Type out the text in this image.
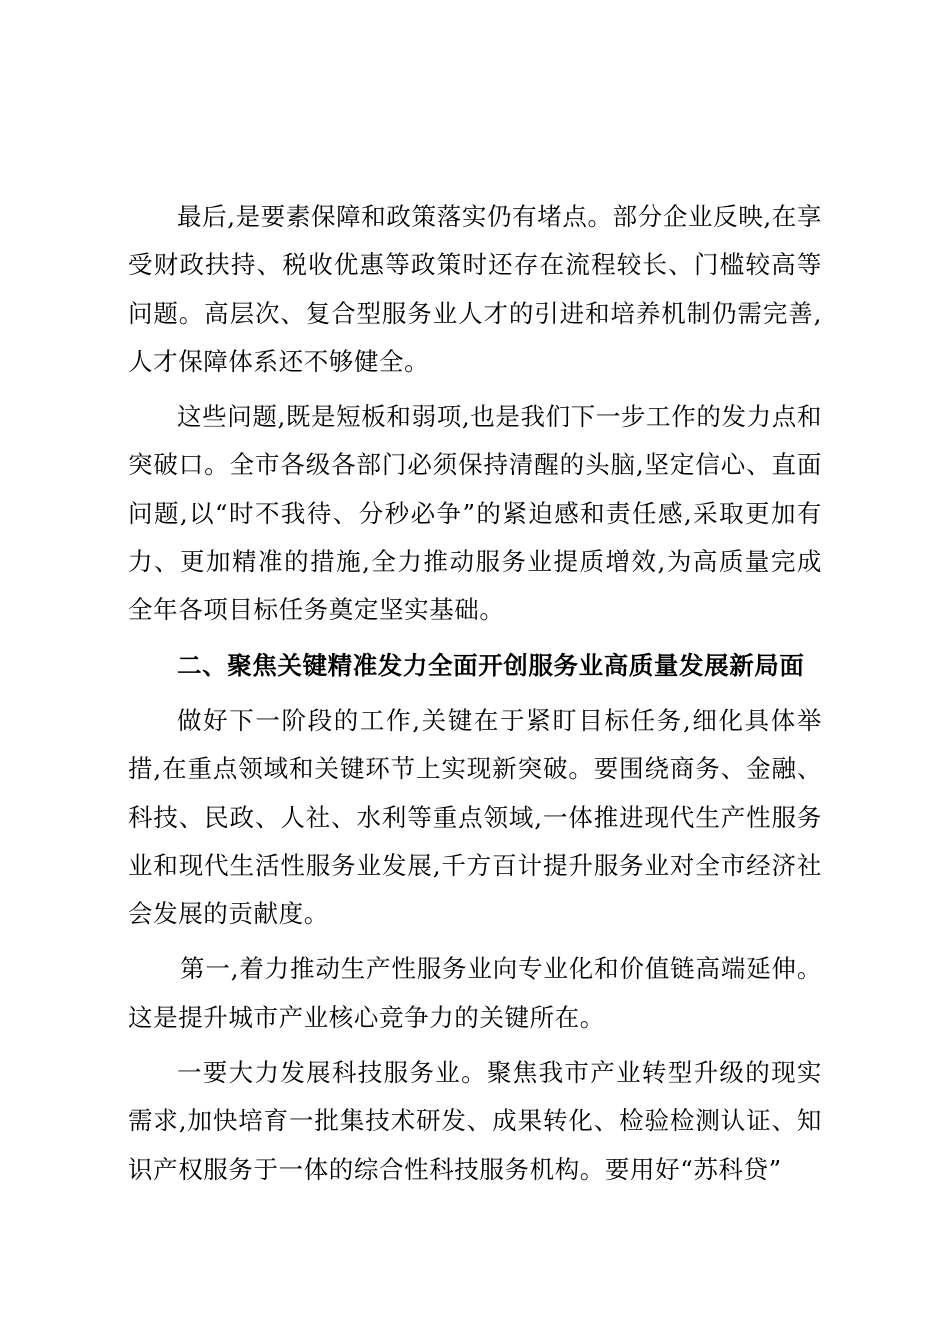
最后,是要素保障和政策落实仍有堵点。部分企业反映,在享受财政扶持、税收优惠等政策时还存在流程较长、门槛较高等问题。高层次、复合型服务业人才的引进和培养机制仍需完善,人才保障体系还不够健全。

这些问题,既是短板和弱项,也是我们下一步工作的发力点和突破口。全市各级各部门必须保持清醒的头脑,坚定信心、直面问题,以“时不我待、分秒必争”的紧迫感和责任感,采取更加有力、更加精准的措施,全力推动服务业提质增效,为高质量完成全年各项目标任务奠定坚实基础。

二、聚焦关键精准发力全面开创服务业高质量发展新局面

做好下一阶段的工作,关键在于紧盯目标任务,细化具体举措,在重点领域和关键环节上实现新突破。要围绕商务、金融、科技、民政、人社、水利等重点领域,一体推进现代生产性服务业和现代生活性服务业发展,千方百计提升服务业对全市经济社会发展的贡献度。

第一,着力推动生产性服务业向专业化和价值链高端延伸。这是提升城市产业核心竞争力的关键所在。

一要大力发展科技服务业。聚焦我市产业转型升级的现实需求,加快培育一批集技术研发、成果转化、检验检测认证、知识产权服务于一体的综合性科技服务机构。要用好“苏科贷”
